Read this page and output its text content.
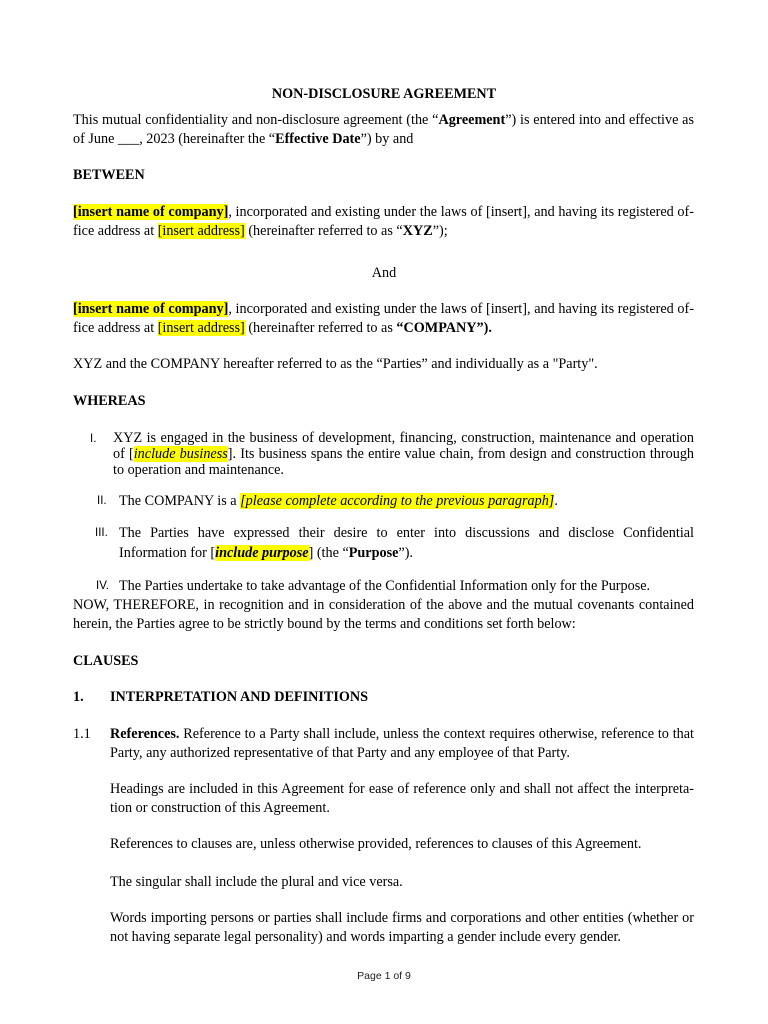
NON-DISCLOSURE AGREEMENT
This mutual confidentiality and non-disclosure agreement (the “Agreement”) is entered into and effective as of June ___, 2023 (hereinafter the “Effective Date”) by and
BETWEEN
[insert name of company], incorporated and existing under the laws of [insert], and having its registered office address at [insert address] (hereinafter referred to as “XYZ”);
And
[insert name of company], incorporated and existing under the laws of [insert], and having its registered office address at [insert address] (hereinafter referred to as “COMPANY”).
XYZ and the COMPANY hereafter referred to as the “Parties” and individually as a "Party".
WHEREAS
I. XYZ is engaged in the business of development, financing, construction, maintenance and operation of [include business]. Its business spans the entire value chain, from design and construction through to operation and maintenance.
II. The COMPANY is a [please complete according to the previous paragraph].
III. The Parties have expressed their desire to enter into discussions and disclose Confidential Information for [include purpose] (the “Purpose”).
IV. The Parties undertake to take advantage of the Confidential Information only for the Purpose.
NOW, THEREFORE, in recognition and in consideration of the above and the mutual covenants contained herein, the Parties agree to be strictly bound by the terms and conditions set forth below:
CLAUSES
1. INTERPRETATION AND DEFINITIONS
1.1 References. Reference to a Party shall include, unless the context requires otherwise, reference to that Party, any authorized representative of that Party and any employee of that Party.
Headings are included in this Agreement for ease of reference only and shall not affect the interpretation or construction of this Agreement.
References to clauses are, unless otherwise provided, references to clauses of this Agreement.
The singular shall include the plural and vice versa.
Words importing persons or parties shall include firms and corporations and other entities (whether or not having separate legal personality) and words imparting a gender include every gender.
Page 1 of 9
